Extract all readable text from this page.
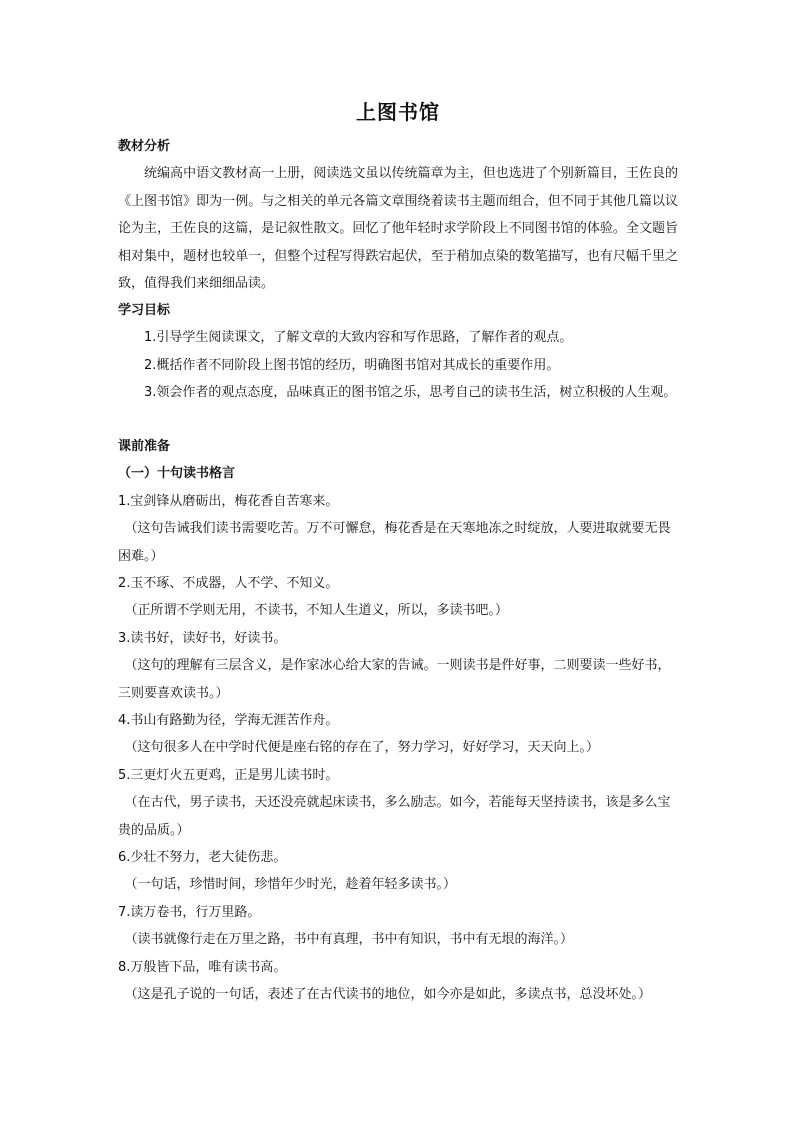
上图书馆
教材分析
统编高中语文教材高一上册，阅读选文虽以传统篇章为主，但也选进了个别新篇目，王佐良的《上图书馆》即为一例。与之相关的单元各篇文章围绕着读书主题而组合，但不同于其他几篇以议论为主，王佐良的这篇，是记叙性散文。回忆了他年轻时求学阶段上不同图书馆的体验。全文题旨相对集中，题材也较单一，但整个过程写得跌宕起伏，至于稍加点染的数笔描写，也有尺幅千里之致，值得我们来细细品读。
学习目标
1.引导学生阅读课文，了解文章的大致内容和写作思路，了解作者的观点。
2.概括作者不同阶段上图书馆的经历，明确图书馆对其成长的重要作用。
3.领会作者的观点态度，品味真正的图书馆之乐，思考自己的读书生活，树立积极的人生观。
课前准备
（一）十句读书格言
1.宝剑锋从磨砺出，梅花香自苦寒来。
（这句告诫我们读书需要吃苦。万不可懈怠，梅花香是在天寒地冻之时绽放，人要进取就要无畏困难。）
2.玉不琢、不成器，人不学、不知义。
（正所谓不学则无用，不读书，不知人生道义，所以，多读书吧。）
3.读书好，读好书，好读书。
（这句的理解有三层含义，是作家冰心给大家的告诫。一则读书是件好事，二则要读一些好书，三则要喜欢读书。）
4.书山有路勤为径，学海无涯苦作舟。
（这句很多人在中学时代便是座右铭的存在了，努力学习，好好学习，天天向上。）
5.三更灯火五更鸡，正是男儿读书时。
（在古代，男子读书，天还没亮就起床读书，多么励志。如今，若能每天坚持读书，该是多么宝贵的品质。）
6.少壮不努力，老大徒伤悲。
（一句话，珍惜时间，珍惜年少时光，趁着年轻多读书。）
7.读万卷书，行万里路。
（读书就像行走在万里之路，书中有真理，书中有知识，书中有无垠的海洋。）
8.万般皆下品，唯有读书高。
（这是孔子说的一句话，表述了在古代读书的地位，如今亦是如此，多读点书，总没坏处。）
